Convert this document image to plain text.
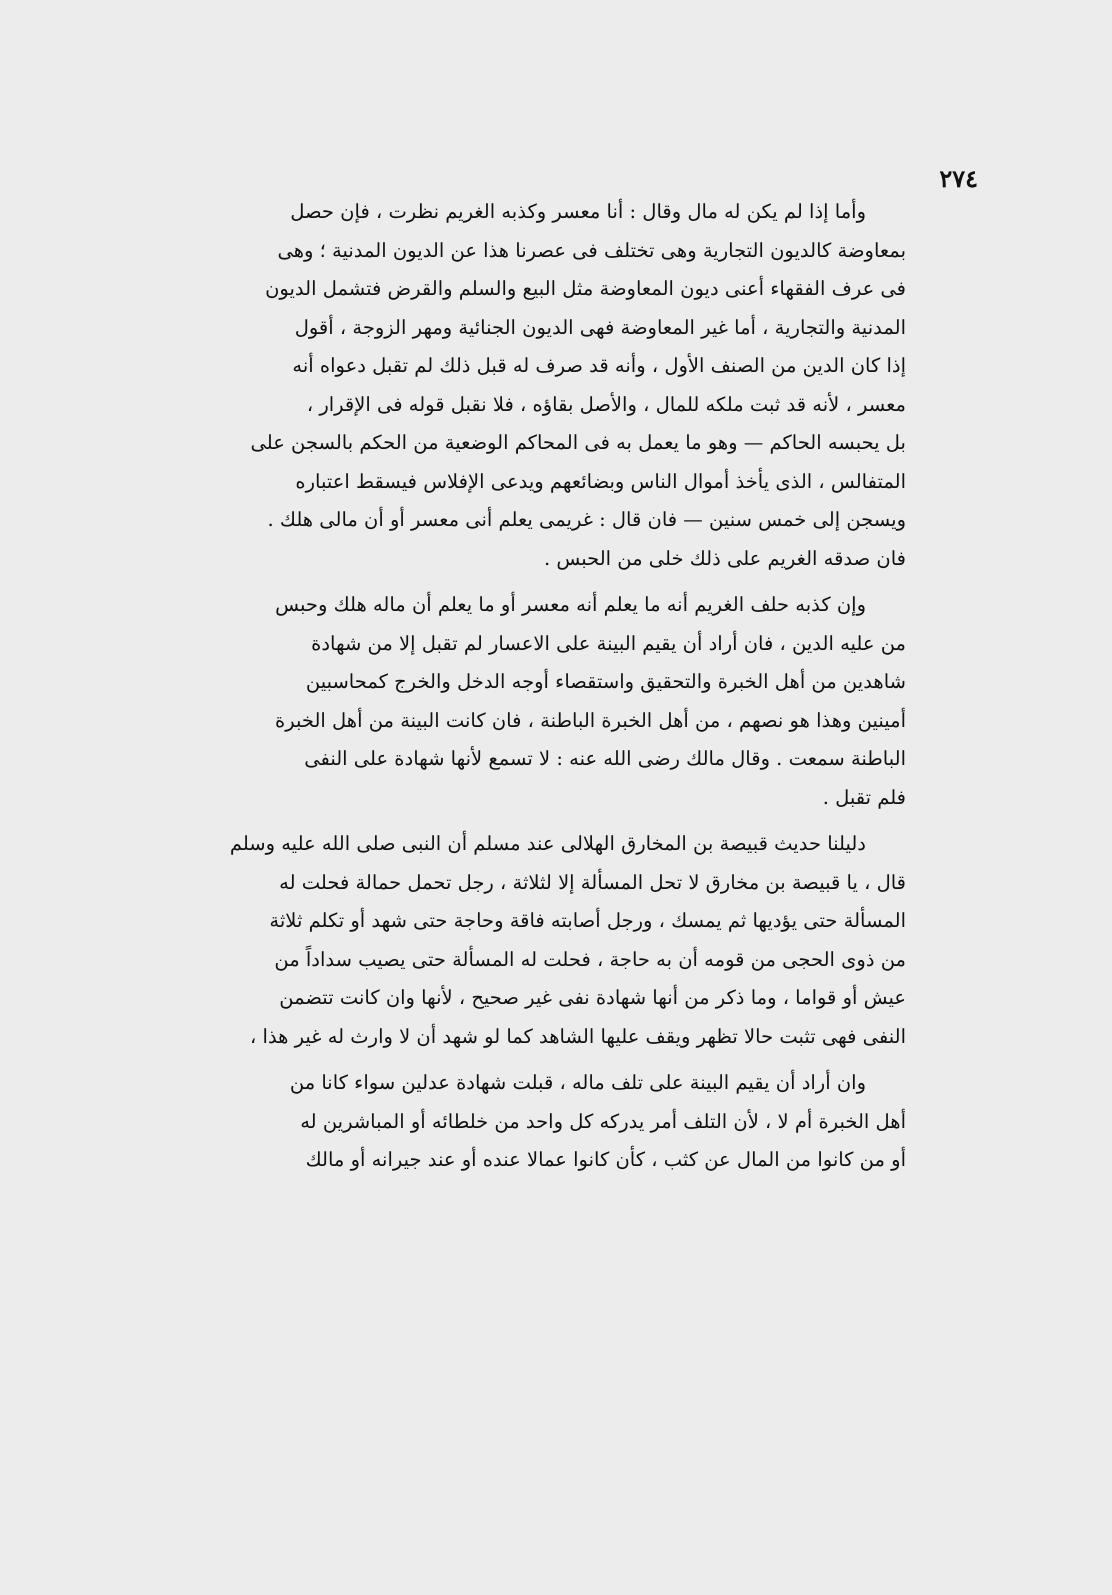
٢٧٤
وأما إذا لم يكن له مال وقال : أنا معسر وكذبه الغريم نظرت ، فإن حصل
بمعاوضة كالديون التجارية وهى تختلف فى عصرنا هذا عن الديون المدنية ؛ وهى
فى عرف الفقهاء أعنى ديون المعاوضة مثل البيع والسلم والقرض فتشمل الديون
المدنية والتجارية ، أما غير المعاوضة فهى الديون الجنائية ومهر الزوجة ، أقول
إذا كان الدين من الصنف الأول ، وأنه قد صرف له قبل ذلك لم تقبل دعواه أنه
معسر ، لأنه قد ثبت ملكه للمال ، والأصل بقاؤه ، فلا نقبل قوله فى الإقرار ،
بل يحبسه الحاكم — وهو ما يعمل به فى المحاكم الوضعية من الحكم بالسجن على
المتفالس ، الذى يأخذ أموال الناس وبضائعهم ويدعى الإفلاس فيسقط اعتباره
ويسجن إلى خمس سنين — فان قال : غريمى يعلم أنى معسر أو أن مالى هلك .
فان صدقه الغريم على ذلك خلى من الحبس .
وإن كذبه حلف الغريم أنه ما يعلم أنه معسر أو ما يعلم أن ماله هلك وحبس
من عليه الدين ، فان أراد أن يقيم البينة على الاعسار لم تقبل إلا من شهادة
شاهدين من أهل الخبرة والتحقيق واستقصاء أوجه الدخل والخرج كمحاسبين
أمينين وهذا هو نصهم ، من أهل الخبرة الباطنة ، فان كانت البينة من أهل الخبرة
الباطنة سمعت . وقال مالك رضى الله عنه : لا تسمع لأنها شهادة على النفى
فلم تقبل .
دليلنا حديث قبيصة بن المخارق الهلالى عند مسلم أن النبى صلى الله عليه وسلم
قال ، يا قبيصة بن مخارق لا تحل المسألة إلا لثلاثة ، رجل تحمل حمالة فحلت له
المسألة حتى يؤديها ثم يمسك ، ورجل أصابته فاقة وحاجة حتى شهد أو تكلم ثلاثة
من ذوى الحجى من قومه أن به حاجة ، فحلت له المسألة حتى يصيب سداداً من
عيش أو قواما ، وما ذكر من أنها شهادة نفى غير صحيح ، لأنها وان كانت تتضمن
النفى فهى تثبت حالا تظهر ويقف عليها الشاهد كما لو شهد أن لا وارث له غير هذا ،
وان أراد أن يقيم البينة على تلف ماله ، قبلت شهادة عدلين سواء كانا من
أهل الخبرة أم لا ، لأن التلف أمر يدركه كل واحد من خلطائه أو المباشرين له
أو من كانوا من المال عن كثب ، كأن كانوا عمالا عنده أو عند جيرانه أو مالك
